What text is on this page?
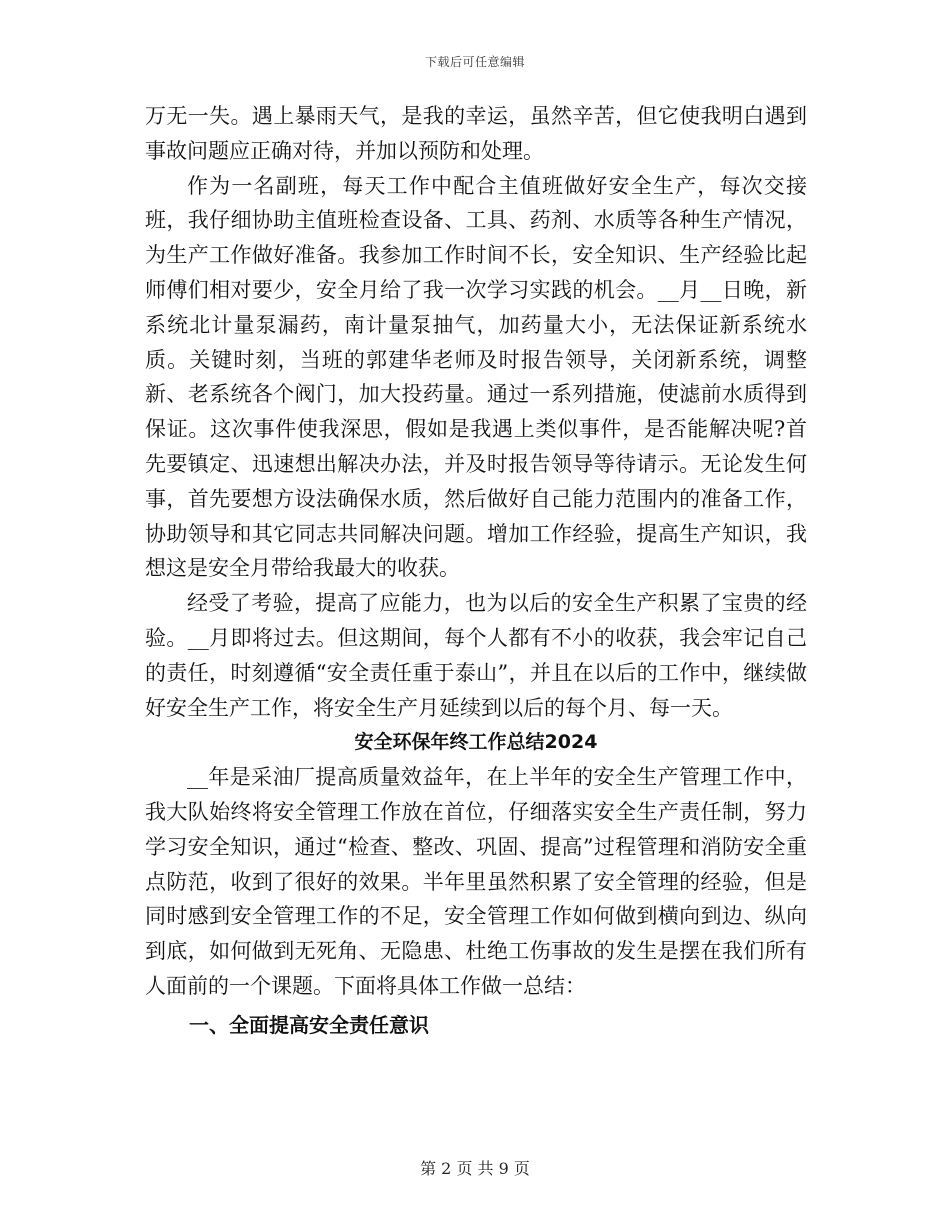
下载后可任意编辑

万无一失。遇上暴雨天气，是我的幸运，虽然辛苦，但它使我明白遇到事故问题应正确对待，并加以预防和处理。

作为一名副班，每天工作中配合主值班做好安全生产，每次交接班，我仔细协助主值班检查设备、工具、药剂、水质等各种生产情况，为生产工作做好准备。我参加工作时间不长，安全知识、生产经验比起师傅们相对要少，安全月给了我一次学习实践的机会。__月__日晚，新系统北计量泵漏药，南计量泵抽气，加药量大小，无法保证新系统水质。关键时刻，当班的郭建华老师及时报告领导，关闭新系统，调整新、老系统各个阀门，加大投药量。通过一系列措施，使滤前水质得到保证。这次事件使我深思，假如是我遇上类似事件，是否能解决呢?首先要镇定、迅速想出解决办法，并及时报告领导等待请示。无论发生何事，首先要想方设法确保水质，然后做好自己能力范围内的准备工作，协助领导和其它同志共同解决问题。增加工作经验，提高生产知识，我想这是安全月带给我最大的收获。

经受了考验，提高了应能力，也为以后的安全生产积累了宝贵的经验。__月即将过去。但这期间，每个人都有不小的收获，我会牢记自己的责任，时刻遵循“安全责任重于泰山”，并且在以后的工作中，继续做好安全生产工作，将安全生产月延续到以后的每个月、每一天。

安全环保年终工作总结2024

__年是采油厂提高质量效益年，在上半年的安全生产管理工作中，我大队始终将安全管理工作放在首位，仔细落实安全生产责任制，努力学习安全知识，通过“检查、整改、巩固、提高”过程管理和消防安全重点防范，收到了很好的效果。半年里虽然积累了安全管理的经验，但是同时感到安全管理工作的不足，安全管理工作如何做到横向到边、纵向到底，如何做到无死角、无隐患、杜绝工伤事故的发生是摆在我们所有人面前的一个课题。下面将具体工作做一总结：

一、全面提高安全责任意识

第 2 页 共 9 页
